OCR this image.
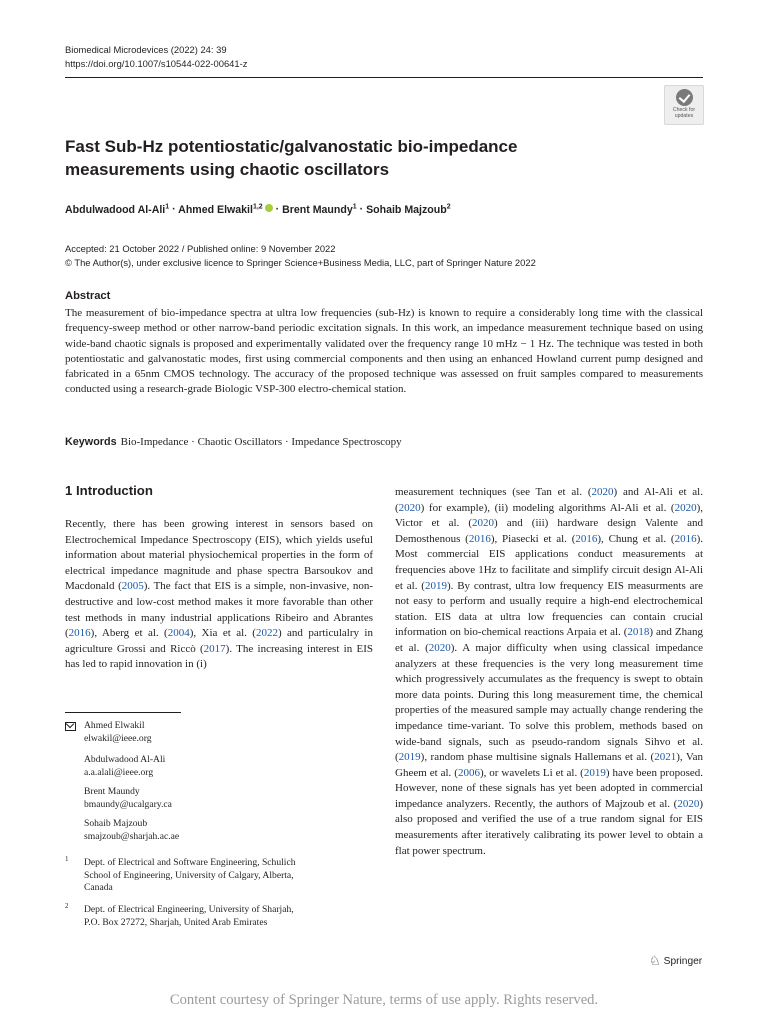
Biomedical Microdevices (2022) 24: 39
https://doi.org/10.1007/s10544-022-00641-z
Check for
updates
Fast Sub-Hz potentiostatic/galvanostatic bio-impedance measurements using chaotic oscillators
Abdulwadood Al-Ali$^1$ · Ahmed Elwakil$^{1,2}$ · Brent Maundy$^1$ · Sohaib Majzoub$^2$
Accepted: 21 October 2022 / Published online: 9 November 2022
© The Author(s), under exclusive licence to Springer Science+Business Media, LLC, part of Springer Nature 2022
Abstract

The measurement of bio-impedance spectra at ultra low frequencies (sub-Hz) is known to require a considerably long time with the classical frequency-sweep method or other narrow-band periodic excitation signals. In this work, an impedance measurement technique based on using wide-band chaotic signals is proposed and experimentally validated over the frequency range 10 mHz − 1 Hz. The technique was tested in both potentiostatic and galvanostatic modes, first using commercial components and then using an enhanced Howland current pump designed and fabricated in a 65nm CMOS technology. The accuracy of the proposed technique was assessed on fruit samples compared to measurements conducted using a research-grade Biologic VSP-300 electro-chemical station.

Keywords Bio-Impedance · Chaotic Oscillators · Impedance Spectroscopy
1 Introduction

Recently, there has been growing interest in sensors based on Electrochemical Impedance Spectroscopy (EIS), which yields useful information about material physiochemical properties in the form of electrical impedance magnitude and phase spectra Barsoukov and Macdonald (2005). The fact that EIS is a simple, non-invasive, non-destructive and low-cost method makes it more favorable than other test methods in many industrial applications Ribeiro and Abrantes (2016), Aberg et al. (2004), Xia et al. (2022) and particulalry in agriculture Grossi and Riccò (2017). The increasing interest in EIS has led to rapid innovation in (i)

measurement techniques (see Tan et al. (2020) and Al-Ali et al. (2020) for example), (ii) modeling algorithms Al-Ali et al. (2020), Victor et al. (2020) and (iii) hardware design Valente and Demosthenous (2016), Piasecki et al. (2016), Chung et al. (2016). Most commercial EIS applications conduct measurements at frequencies above 1Hz to facilitate and simplify circuit design Al-Ali et al. (2019). By contrast, ultra low frequency EIS measurments are not easy to perform and usually require a high-end electrochemical station. EIS data at ultra low frequencies can contain crucial information on bio-chemical reactions Arpaia et al. (2018) and Zhang et al. (2020). A major difficulty when using classical impedance analyzers at these frequencies is the very long measurement time which progressively accumulates as the frequency is swept to obtain more data points. During this long measurement time, the chemical properties of the measured sample may actually change rendering the impedance time-variant. To solve this problem, methods based on wide-band signals, such as pseudo-random signals Sihvo et al. (2019), random phase multisine signals Hallemans et al. (2021), Van Gheem et al. (2006), or wavelets Li et al. (2019) have been proposed. However, none of these signals has yet been adopted in commercial impedance analyzers. Recently, the authors of Majzoub et al. (2020) also proposed and verified the use of a true random signal for EIS measurements after iteratively calibrating its power level to obtain a flat power spectrum.

Ahmed Elwakil
elwakil@ieee.org
Abdulwadood Al-Ali
a.a.alali@ieee.org
Brent Maundy
bmaundy@ucalgary.ca
Sohaib Majzoub
smajzoub@sharjah.ac.ae
1 Dept. of Electrical and Software Engineering, Schulich
School of Engineering, University of Calgary, Alberta,
Canada
2 Dept. of Electrical Engineering, University of Sharjah,
P.O. Box 27272, Sharjah, United Arab Emirates
♘ Springer
Content courtesy of Springer Nature, terms of use apply. Rights reserved.
